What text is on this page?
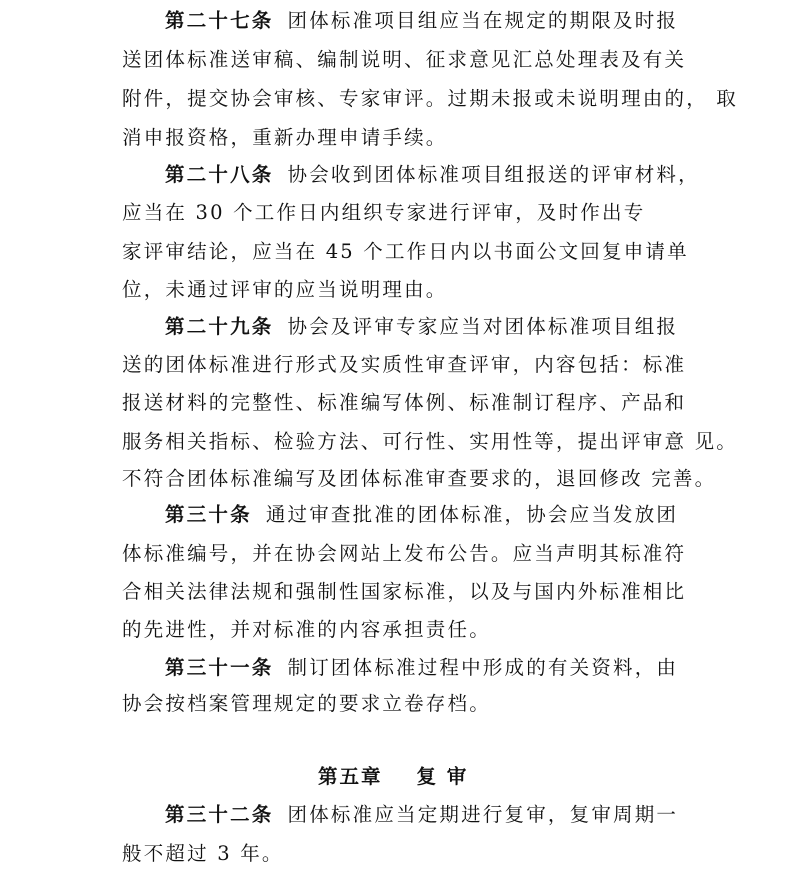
第二十七条 团体标准项目组应当在规定的期限及时报
送团体标准送审稿、编制说明、征求意见汇总处理表及有关
附件，提交协会审核、专家审评。过期未报或未说明理由的， 取
消申报资格，重新办理申请手续。
第二十八条 协会收到团体标准项目组报送的评审材料，
应当在 30 个工作日内组织专家进行评审，及时作出专
家评审结论，应当在 45 个工作日内以书面公文回复申请单
位，未通过评审的应当说明理由。
第二十九条 协会及评审专家应当对团体标准项目组报
送的团体标准进行形式及实质性审查评审，内容包括：标准
报送材料的完整性、标准编写体例、标准制订程序、产品和
服务相关指标、检验方法、可行性、实用性等，提出评审意 见。
不符合团体标准编写及团体标准审查要求的，退回修改 完善。
第三十条 通过审查批准的团体标准，协会应当发放团
体标准编号，并在协会网站上发布公告。应当声明其标准符
合相关法律法规和强制性国家标准，以及与国内外标准相比
的先进性，并对标准的内容承担责任。
第三十一条 制订团体标准过程中形成的有关资料，由
协会按档案管理规定的要求立卷存档。
第五章 复 审
第三十二条 团体标准应当定期进行复审，复审周期一
般不超过 3 年。
